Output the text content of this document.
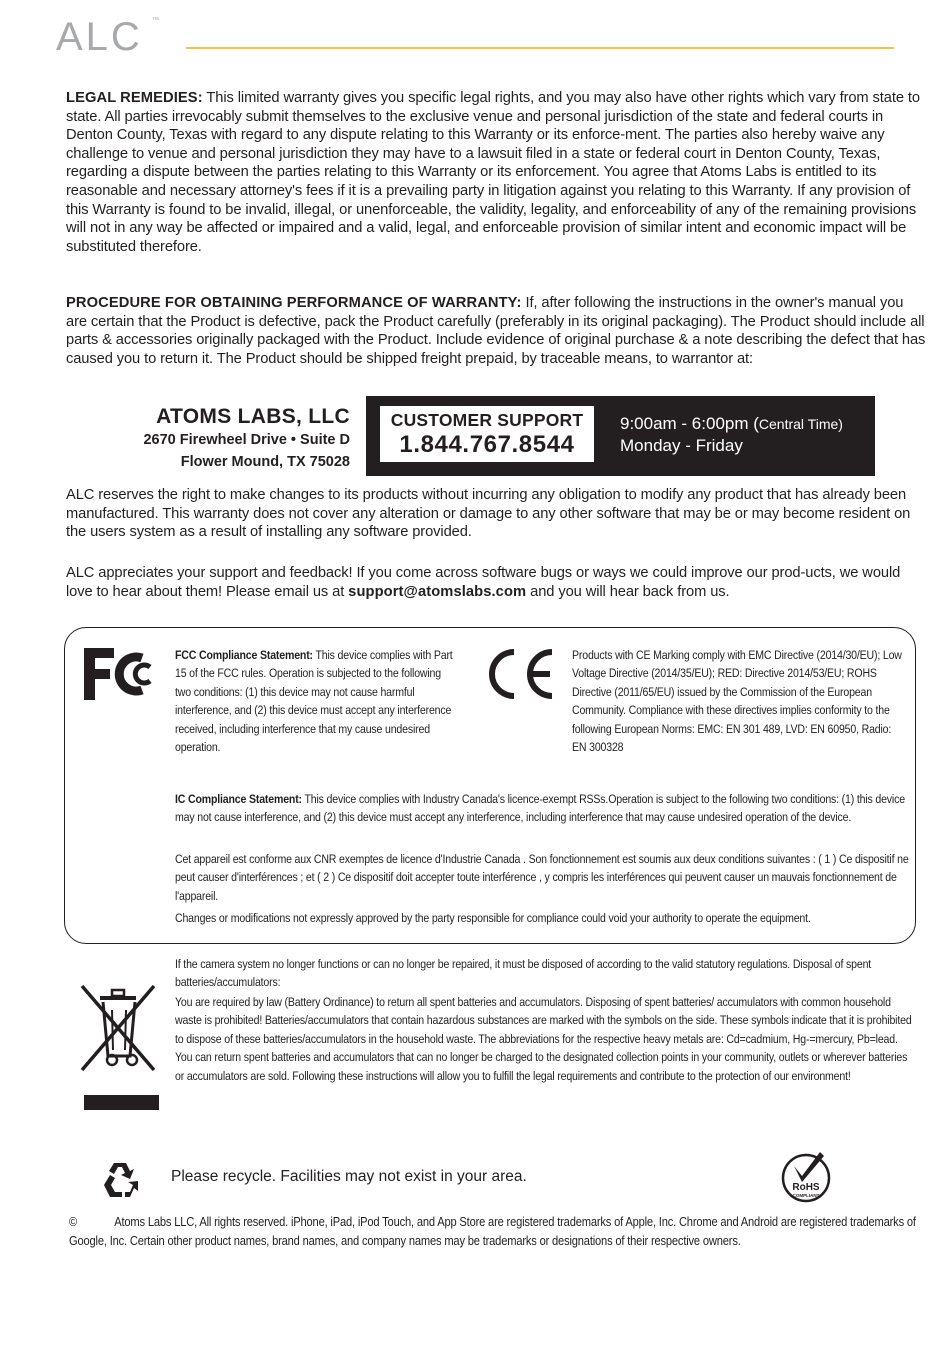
ALC ™

LEGAL REMEDIES: This limited warranty gives you specific legal rights, and you may also have other rights which vary from state to state. All parties irrevocably submit themselves to the exclusive venue and personal jurisdiction of the state and federal courts in Denton County, Texas with regard to any dispute relating to this Warranty or its enforce-ment. The parties also hereby waive any challenge to venue and personal jurisdiction they may have to a lawsuit filed in a state or federal court in Denton County, Texas, regarding a dispute between the parties relating to this Warranty or its enforcement. You agree that Atoms Labs is entitled to its reasonable and necessary attorney's fees if it is a prevailing party in litigation against you relating to this Warranty. If any provision of this Warranty is found to be invalid, illegal, or unenforceable, the validity, legality, and enforceability of any of the remaining provisions will not in any way be affected or impaired and a valid, legal, and enforceable provision of similar intent and economic impact will be substituted therefore.

PROCEDURE FOR OBTAINING PERFORMANCE OF WARRANTY: If, after following the instructions in the owner's manual you are certain that the Product is defective, pack the Product carefully (preferably in its original packaging). The Product should include all parts & accessories originally packaged with the Product. Include evidence of original purchase & a note describing the defect that has caused you to return it. The Product should be shipped freight prepaid, by traceable means, to warrantor at:

ATOMS LABS, LLC
2670 Firewheel Drive • Suite D
Flower Mound, TX 75028
CUSTOMER SUPPORT
1.844.767.8544
9:00am - 6:00pm (Central Time)
Monday - Friday

ALC reserves the right to make changes to its products without incurring any obligation to modify any product that has already been manufactured. This warranty does not cover any alteration or damage to any other software that may be or may become resident on the users system as a result of installing any software provided.

ALC appreciates your support and feedback! If you come across software bugs or ways we could improve our prod-ucts, we would love to hear about them! Please email us at support@atomslabs.com and you will hear back from us.

FCC Compliance Statement: This device complies with Part 15 of the FCC rules. Operation is subjected to the following two conditions: (1) this device may not cause harmful interference, and (2) this device must accept any interference received, including interference that my cause undesired operation.

Products with CE Marking comply with EMC Directive (2014/30/EU); Low Voltage Directive (2014/35/EU); RED: Directive 2014/53/EU; ROHS Directive (2011/65/EU) issued by the Commission of the European Community. Compliance with these directives implies conformity to the following European Norms: EMC: EN 301 489, LVD: EN 60950, Radio: EN 300328

IC Compliance Statement: This device complies with Industry Canada's licence-exempt RSSs.Operation is subject to the following two conditions: (1) this device may not cause interference, and (2) this device must accept any interference, including interference that may cause undesired operation of the device.

Cet appareil est conforme aux CNR exemptes de licence d'Industrie Canada . Son fonctionnement est soumis aux deux conditions suivantes : ( 1 ) Ce dispositif ne peut causer d'interférences ; et ( 2 ) Ce dispositif doit accepter toute interférence , y compris les interférences qui peuvent causer un mauvais fonctionnement de l'appareil.

Changes or modifications not expressly approved by the party responsible for compliance could void your authority to operate the equipment.

If the camera system no longer functions or can no longer be repaired, it must be disposed of according to the valid statutory regulations. Disposal of spent batteries/accumulators:

You are required by law (Battery Ordinance) to return all spent batteries and accumulators. Disposing of spent batteries/ accumulators with common household waste is prohibited! Batteries/accumulators that contain hazardous substances are marked with the symbols on the side. These symbols indicate that it is prohibited to dispose of these batteries/accumulators in the household waste. The abbreviations for the respective heavy metals are: Cd=cadmium, Hg-=mercury, Pb=lead. You can return spent batteries and accumulators that can no longer be charged to the designated collection points in your community, outlets or wherever batteries or accumulators are sold. Following these instructions will allow you to fulfill the legal requirements and contribute to the protection of our environment!

Please recycle. Facilities may not exist in your area.
RoHS
COMPLIANT

©	Atoms Labs LLC, All rights reserved. iPhone, iPad, iPod Touch, and App Store are registered trademarks of Apple, Inc. Chrome and Android are registered trademarks of Google, Inc. Certain other product names, brand names, and company names may be trademarks or designations of their respective owners.
